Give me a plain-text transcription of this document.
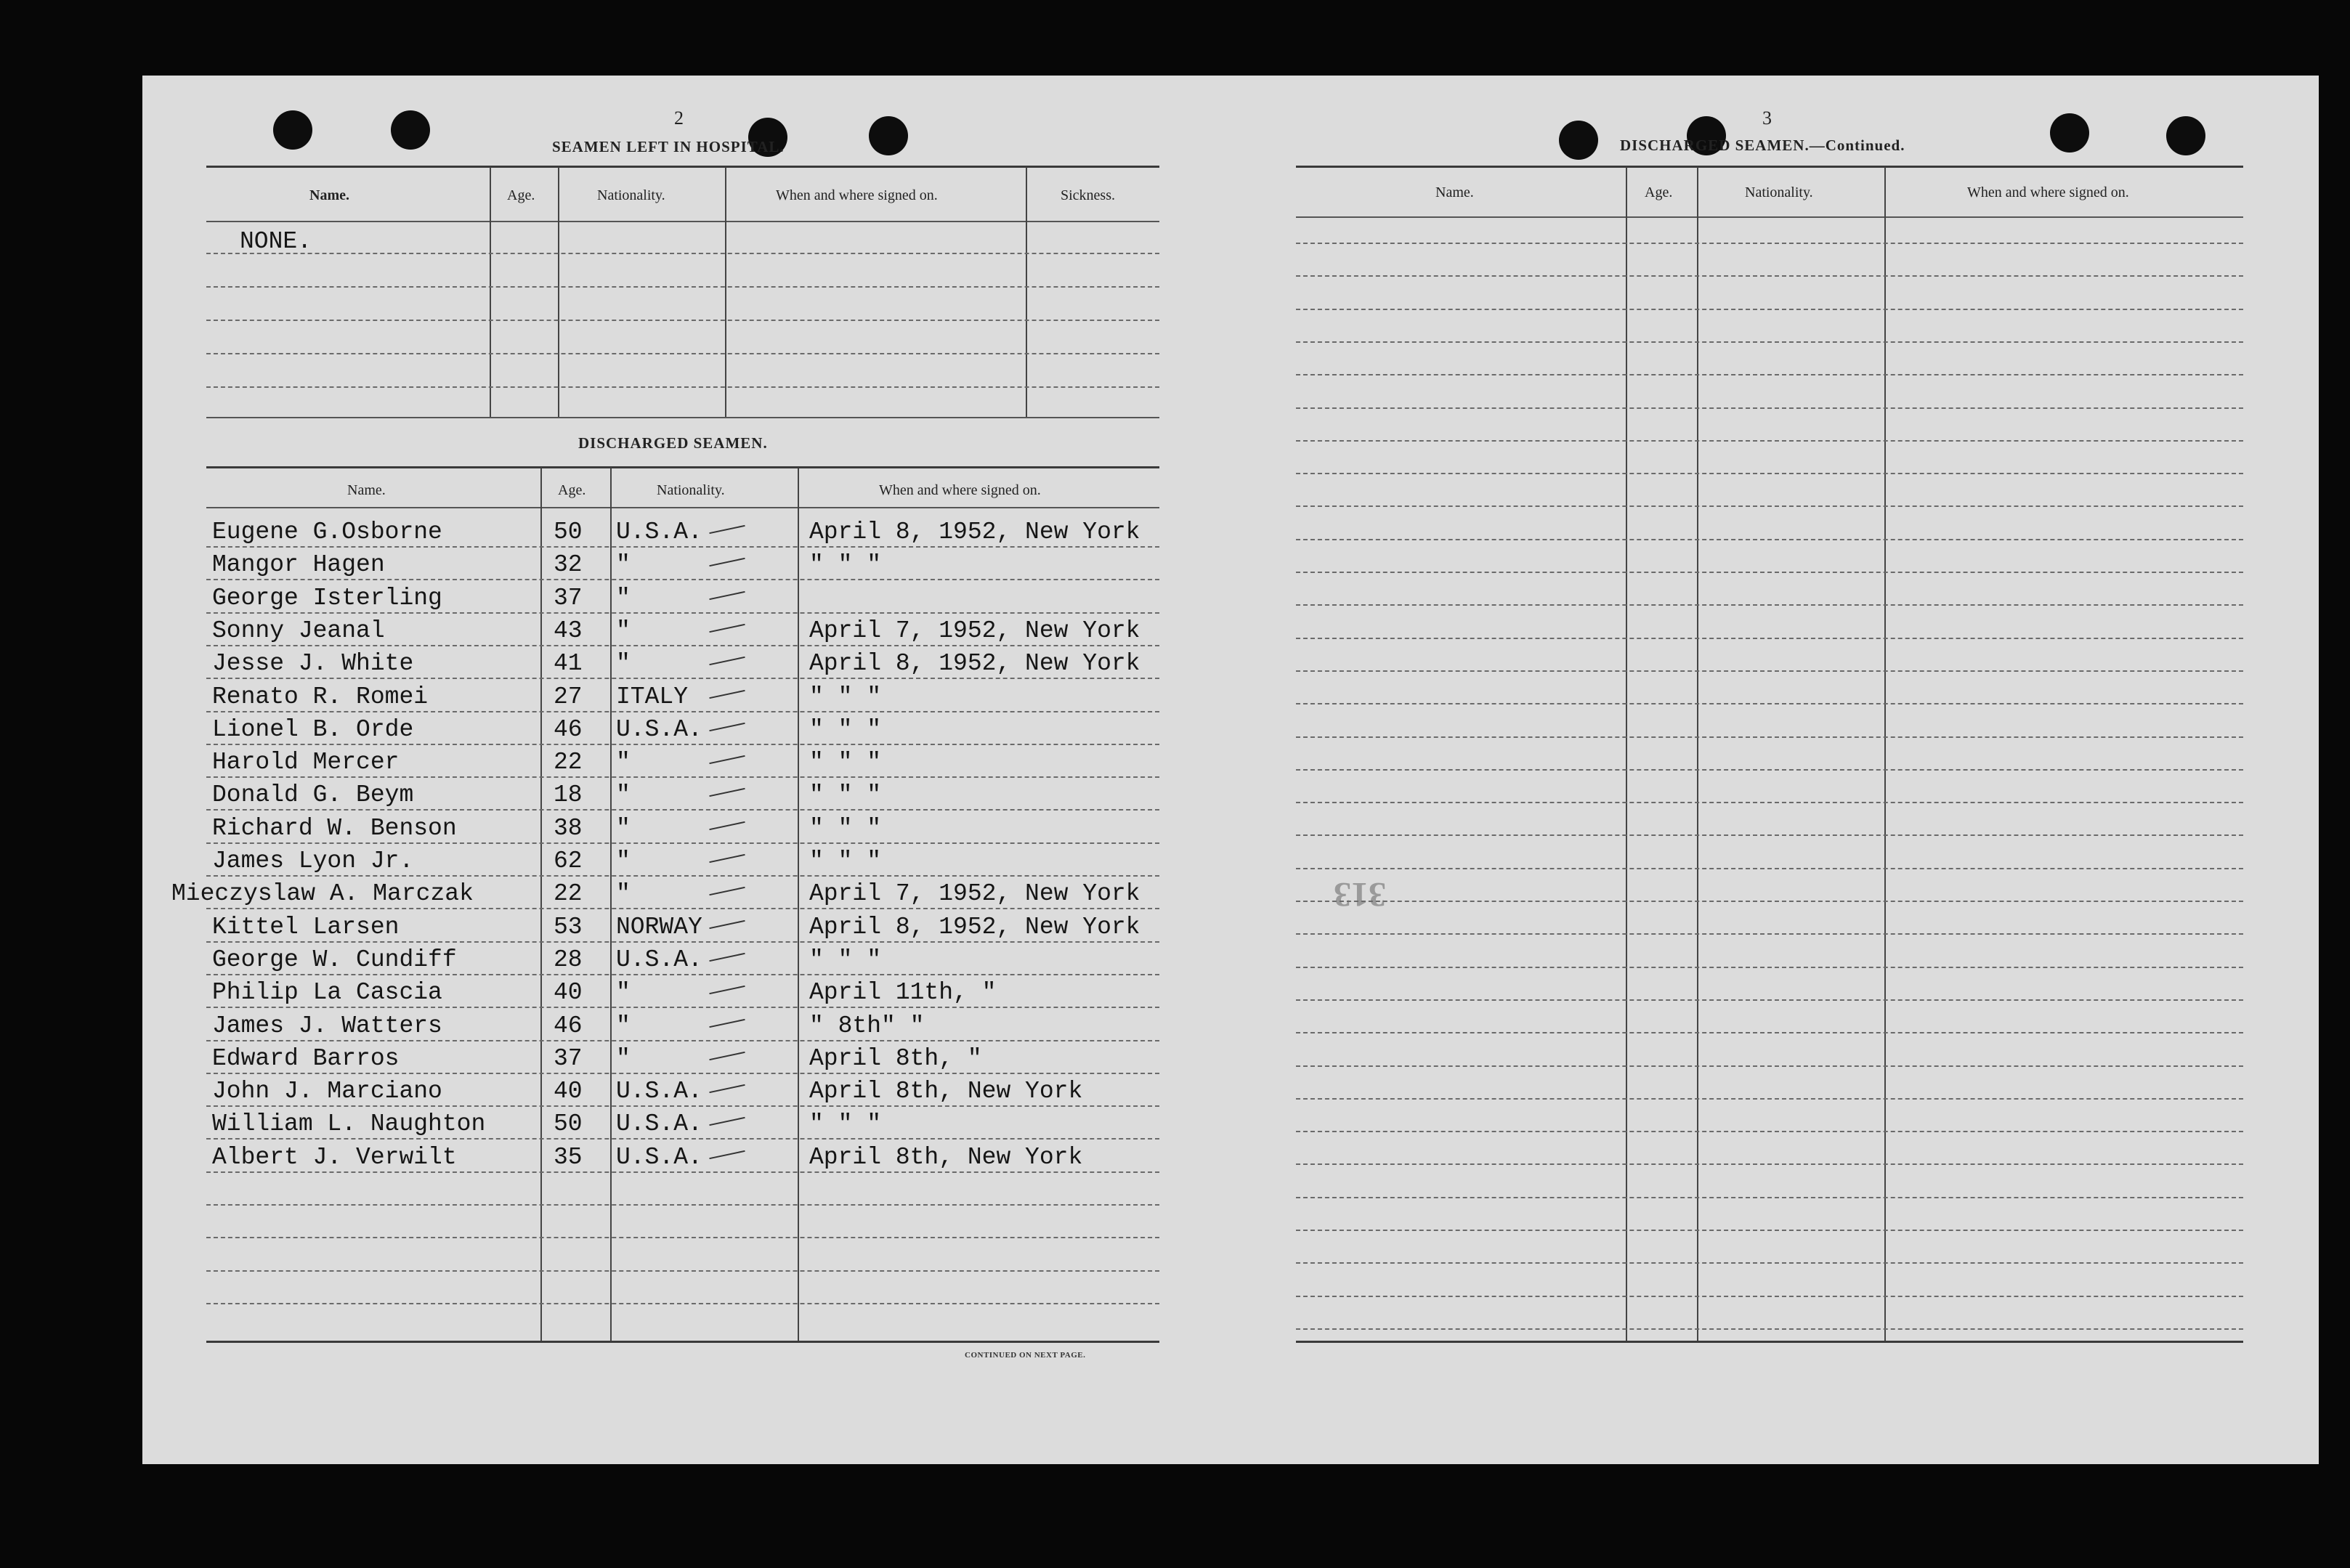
313
2
SEAMEN LEFT IN HOSPITAL.
Name.	Age.	Nationality.	When and where signed on.	Sickness.
NONE.
DISCHARGED SEAMEN.
Name.	Age.	Nationality.	When and where signed on.
Eugene G.Osborne	50 U.S.A.	April 8, 1952, New York
Mangor Hagen	32 "	" " "
George Isterling	37 "
Sonny Jeanal	43 "	April 7, 1952, New York
Jesse J. White	41 "	April 8, 1952, New York
Renato R. Romei	27 ITALY	" " "
Lionel B. Orde	46 U.S.A.	" " "
Harold Mercer	22 "	" " "
Donald G. Beym	18 "	" " "
Richard W. Benson	38 "	" " "
James Lyon Jr.	62 "	" " "
Mieczyslaw A. Marczak	22 "	April 7, 1952, New York
Kittel Larsen	53 NORWAY	April 8, 1952, New York
George W. Cundiff	28 U.S.A.	" " "
Philip La Cascia	40 "	April 11th, "
James J. Watters	46 "	" 8th" "
Edward Barros	37 "	April 8th, "
John J. Marciano	40 U.S.A.	April 8th, New York
William L. Naughton	50 U.S.A.	" " "
Albert J. Verwilt	35 U.S.A.	April 8th, New York
CONTINUED ON NEXT PAGE.
3
DISCHARGED SEAMEN.—Continued.
Name.	Age.	Nationality.	When and where signed on.
